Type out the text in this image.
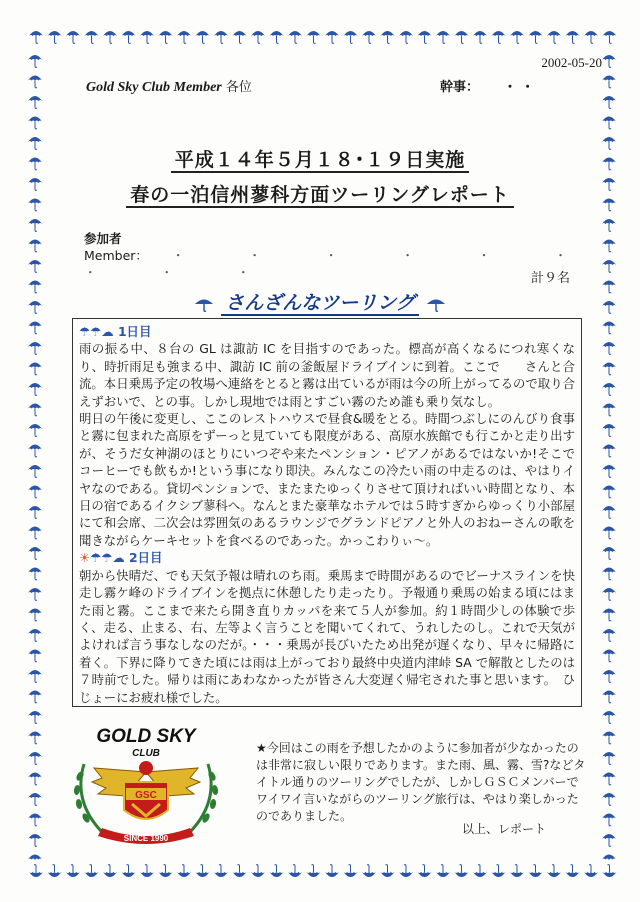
2002-05-20
Gold Sky Club Member 各位	幹事： ・ ・
平成１４年５月１８･１９日実施
春の一泊信州蓼科方面ツーリングレポート
参加者
Member： ・ ・ ・ ・ ・ ・ ・ ・ ・	計９名
さんざんなツーリング
☂☂☁ 1日目

雨の振る中、８台の GL は諏訪 IC を目指すのであった。標高が高くなるにつれ寒くなり、時折雨足も強まる中、諏訪 IC 前の釜飯屋ドライブインに到着。ここで　　さんと合流。本日乗馬予定の牧場へ連絡をとると霧は出ているが雨は今の所上がってるので取り合えずおいで、との事。しかし現地では雨とすごい霧のため誰も乗り気なし。

明日の午後に変更し、ここのレストハウスで昼食&暖をとる。時間つぶしにのんびり食事と霧に包まれた高原をずーっと見ていても限度がある、高原水族館でも行こかと走り出すが、そうだ女神湖のほとりにいつぞや来たペンション・ピアノがあるではないか!そこでコーヒーでも飲もか!という事になり即決。みんなこの冷たい雨の中走るのは、やはりイヤなのである。貸切ペンションで、またまたゆっくりさせて頂ければいい時間となり、本日の宿であるイクシブ蓼科へ。なんとまた豪華なホテルでは５時すぎからゆっくり小部屋にて和会席、二次会は雰囲気のあるラウンジでグランドピアノと外人のおねーさんの歌を聞きながらケーキセットを食べるのであった。かっこわりぃ～。

☀☂☂☁ 2日目

朝から快晴だ、でも天気予報は晴れのち雨。乗馬まで時間があるのでビーナスラインを快走し霧ケ峰のドライブインを拠点に休憩したり走ったり。予報通り乗馬の始まる頃にはまた雨と霧。ここまで来たら開き直りカッパを来て５人が参加。約１時間少しの体験で歩く、走る、止まる、右、左等よく言うことを聞いてくれて、うれしたのし。これで天気がよければ言う事なしなのだが。・・・乗馬が長びいたため出発が遅くなり、早々に帰路に着く。下界に降りてきた頃には雨は上がっており最終中央道内津峠 SA で解散としたのは７時前でした。帰りは雨にあわなかったが皆さん大変遅く帰宅された事と思います。　ひじょーにお疲れ様でした。

GOLD SKY
CLUB
GSC
SINCE 1990
★今回はこの雨を予想したかのように参加者が少なかったのは非常に寂しい限りであります。また雨、風、霧、雪?などタイトル通りのツーリングでしたが、しかしＧＳＣメンバーでワイワイ言いながらのツーリング旅行は、やはり楽しかったのでありました。
以上、レポート
